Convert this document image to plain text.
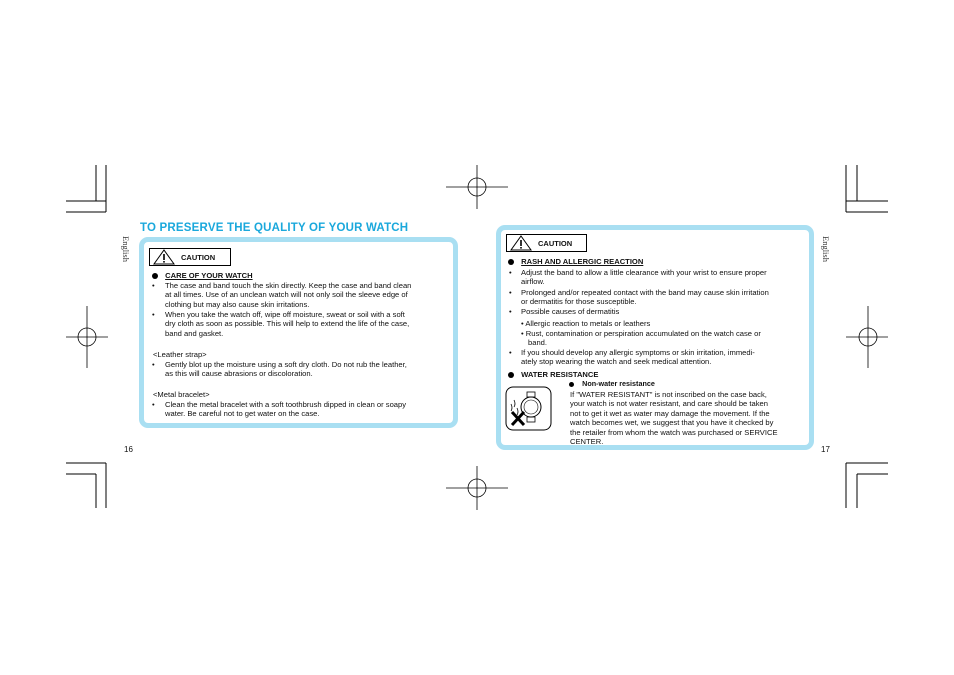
TO PRESERVE THE QUALITY OF YOUR WATCH
English
16
CAUTION
CARE OF YOUR WATCH
• The case and band touch the skin directly. Keep the case and band clean
at all times. Use of an unclean watch will not only soil the sleeve edge of
clothing but may also cause skin irritations.
• When you take the watch off, wipe off moisture, sweat or soil with a soft
dry cloth as soon as possible. This will help to extend the life of the case,
band and gasket.
<Leather strap>
• Gently blot up the moisture using a soft dry cloth. Do not rub the leather,
as this will cause abrasions or discoloration.
<Metal bracelet>
• Clean the metal bracelet with a soft toothbrush dipped in clean or soapy
water. Be careful not to get water on the case.
English
17
CAUTION
RASH AND ALLERGIC REACTION
• Adjust the band to allow a little clearance with your wrist to ensure proper
airflow.
• Prolonged and/or repeated contact with the band may cause skin irritation
or dermatitis for those susceptible.
• Possible causes of dermatitis
• Allergic reaction to metals or leathers
• Rust, contamination or perspiration accumulated on the watch case or
band.
• If you should develop any allergic symptoms or skin irritation, immedi-
ately stop wearing the watch and seek medical attention.
WATER RESISTANCE
Non-water resistance
If "WATER RESISTANT" is not inscribed on the case back,
your watch is not water resistant, and care should be taken
not to get it wet as water may damage the movement. If the
watch becomes wet, we suggest that you have it checked by
the retailer from whom the watch was purchased or SERVICE
CENTER.
